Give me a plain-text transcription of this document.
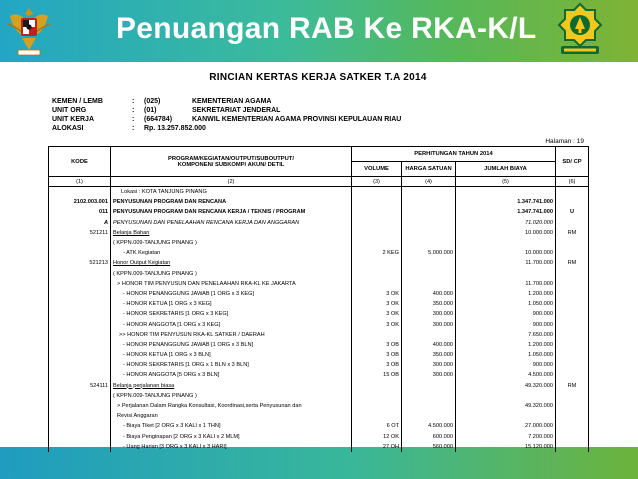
Penuangan RAB Ke RKA-K/L
RINCIAN KERTAS KERJA SATKER T.A 2014
KEMEN / LEMB	: (025)	KEMENTERIAN AGAMA
UNIT ORG	: (01)	SEKRETARIAT JENDERAL
UNIT KERJA	: (664784)	KANWIL KEMENTERIAN AGAMA PROVINSI KEPULAUAN RIAU
ALOKASI	: Rp. 13.257.852.000
Halaman : 19
KODE	PROGRAM/KEGIATAN/OUTPUT/SUBOUTPUT/
KOMPONEN/ SUBKOMP/ AKUN/ DETIL	PERHITUNGAN TAHUN 2014			SD/ CP
		VOLUME	HARGA SATUAN	JUMLAH BIAYA	
(1)	(2)	(3)	(4)	(5)	(6)
	Lokasi : KOTA TANJUNG PINANG				
2102.003.001	PENYUSUNAN PROGRAM DAN RENCANA			1.347.741.000	
011	PENYUSUNAN PROGRAM DAN RENCANA KERJA / TEKNIS / PROGRAM			1.347.741.000	U
A	PENYUSUNAN DAN PENELAAHAN RENCANA KERJA DAN ANGGARAN			71.020.000	
521211	Belanja Bahan			10.000.000	RM
	( KPPN.009-TANJUNG PINANG )				
	- ATK Kegiatan	2 KEG	5.000.000	10.000.000	
521213	Honor Output Kegiatan			11.700.000	RM
	( KPPN.009-TANJUNG PINANG )				
	> HONOR TIM PENYUSUN DAN PENELAAHAN RKA-KL KE JAKARTA			11.700.000	
	- HONOR PENANGGUNG JAWAB [1 ORG x 3 KEG]	3 OK	400.000	1.200.000	
	- HONOR KETUA [1 ORG x 3 KEG]	3 OK	350.000	1.050.000	
	- HONOR SEKRETARIS [1 ORG x 3 KEG]	3 OK	300.000	900.000	
	- HONOR ANGGOTA [1 ORG x 3 KEG]	3 OK	300.000	900.000	
	>> HONOR TIM PENYUSUN RKA-KL SATKER / DAERAH			7.650.000	
	- HONOR PENANGGUNG JAWAB [1 ORG x 3 BLN]	3 OB	400.000	1.200.000	
	- HONOR KETUA [1 ORG x 3 BLN]	3 OB	350.000	1.050.000	
	- HONOR SEKRETARIS [1 ORG x 1 BLN x 3 BLN]	3 OB	300.000	900.000	
	- HONOR ANGGOTA [5 ORG x 3 BLN]	15 OB	300.000	4.500.000	
524111	Belanja perjalanan biasa			49.320.000	RM
	( KPPN.009-TANJUNG PINANG )				
	> Perjalanan Dalam Rangka Konsultasi, Koordinasi,serta Penyusunan dan			49.320.000	
	Revisi Anggaran				
	- Biaya Tiket [2 ORG x 3 KALI x 1 THN]	6 OT	4.500.000	27.000.000	
	- Biaya Penginapan [2 ORG x 3 KALI x 2 MLM]	12 OK	600.000	7.200.000	
	- Uang Harian [3 ORG x 3 KALI x 3 HARI]	27 OH	560.000	15.120.000	
